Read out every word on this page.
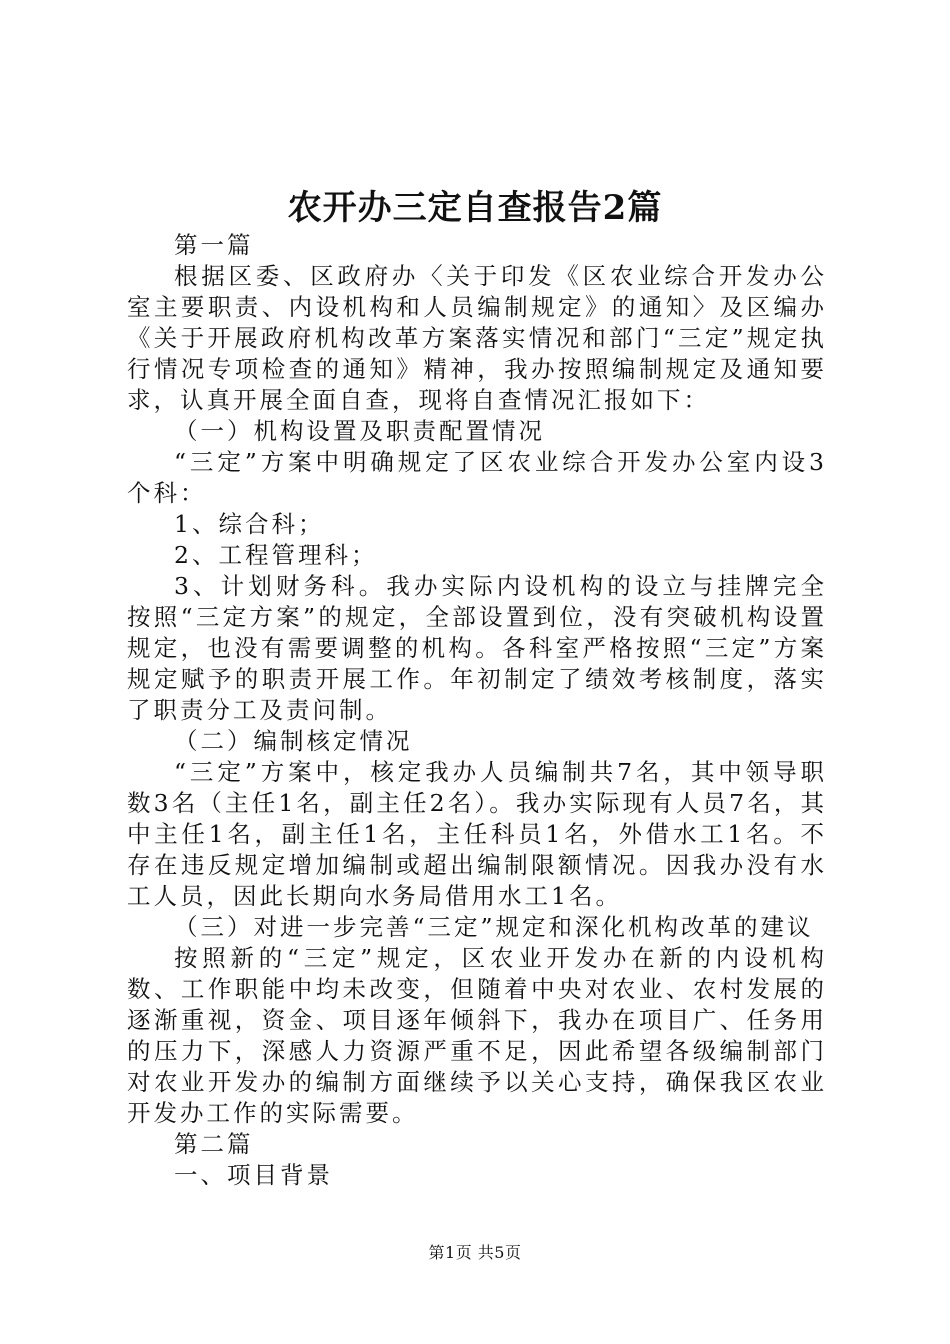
农开办三定自查报告2篇

第一篇

根据区委、区政府办〈关于印发《区农业综合开发办公室主要职责、内设机构和人员编制规定》的通知〉及区编办《关于开展政府机构改革方案落实情况和部门“三定”规定执行情况专项检查的通知》精神，我办按照编制规定及通知要求，认真开展全面自查，现将自查情况汇报如下：

（一）机构设置及职责配置情况

“三定”方案中明确规定了区农业综合开发办公室内设3个科：

1、综合科；

2、工程管理科；

3、计划财务科。我办实际内设机构的设立与挂牌完全按照“三定方案”的规定，全部设置到位，没有突破机构设置规定，也没有需要调整的机构。各科室严格按照“三定”方案规定赋予的职责开展工作。年初制定了绩效考核制度，落实了职责分工及责问制。

（二）编制核定情况

“三定”方案中，核定我办人员编制共7名，其中领导职数3名（主任1名，副主任2名）。我办实际现有人员7名，其中主任1名，副主任1名，主任科员1名，外借水工1名。不存在违反规定增加编制或超出编制限额情况。因我办没有水工人员，因此长期向水务局借用水工1名。

（三）对进一步完善“三定”规定和深化机构改革的建议

按照新的“三定”规定，区农业开发办在新的内设机构数、工作职能中均未改变，但随着中央对农业、农村发展的逐渐重视，资金、项目逐年倾斜下，我办在项目广、任务用的压力下，深感人力资源严重不足，因此希望各级编制部门对农业开发办的编制方面继续予以关心支持，确保我区农业开发办工作的实际需要。

第二篇

一、项目背景

第1页 共5页
